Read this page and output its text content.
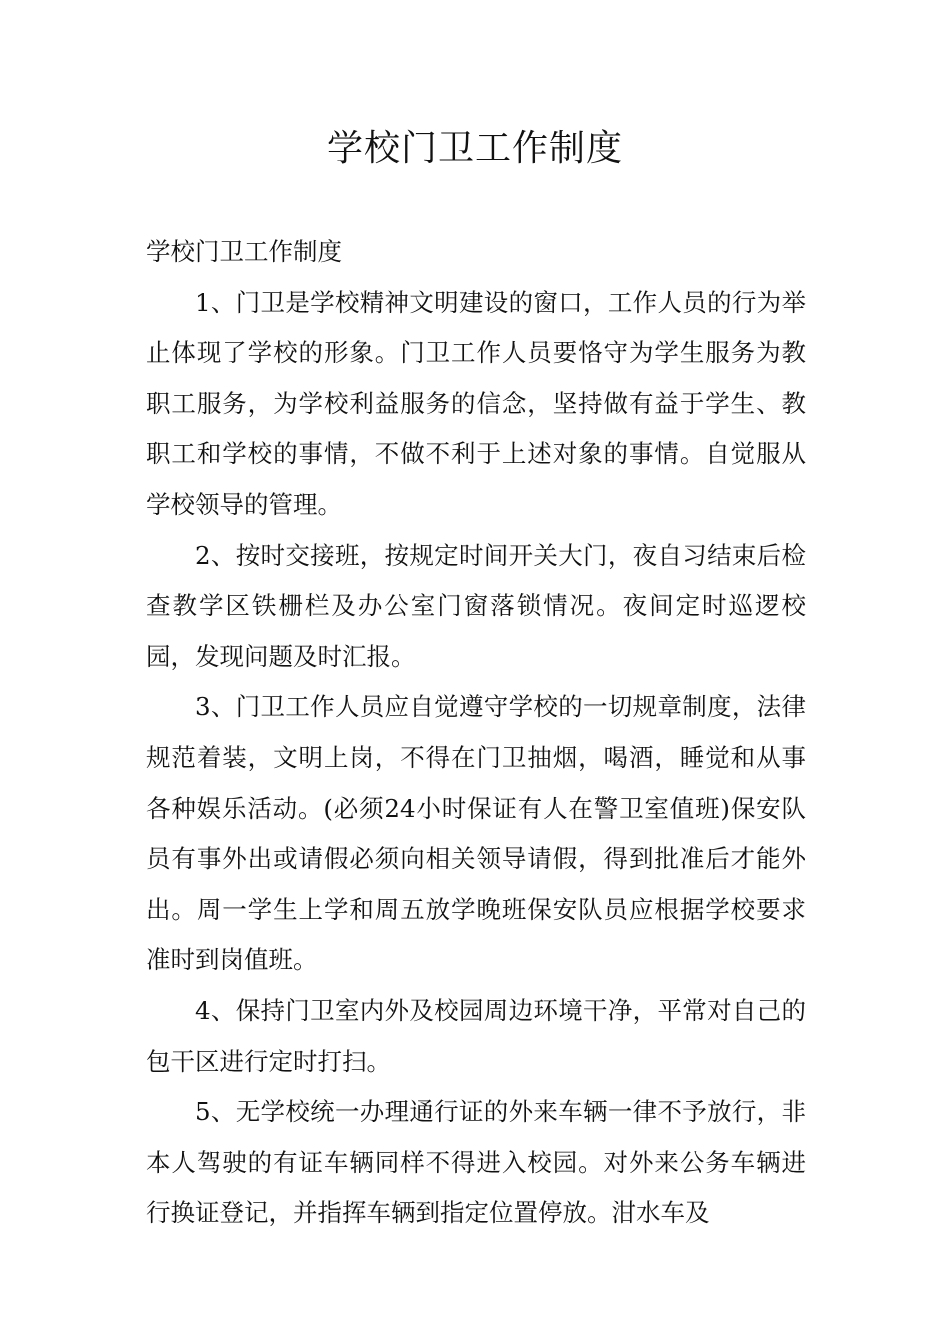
学校门卫工作制度

学校门卫工作制度

1、门卫是学校精神文明建设的窗口，工作人员的行为举止体现了学校的形象。门卫工作人员要恪守为学生服务为教职工服务，为学校利益服务的信念，坚持做有益于学生、教职工和学校的事情，不做不利于上述对象的事情。自觉服从学校领导的管理。

2、按时交接班，按规定时间开关大门，夜自习结束后检查教学区铁栅栏及办公室门窗落锁情况。夜间定时巡逻校园，发现问题及时汇报。

3、门卫工作人员应自觉遵守学校的一切规章制度，法律规范着装，文明上岗，不得在门卫抽烟，喝酒，睡觉和从事各种娱乐活动。(必须24小时保证有人在警卫室值班)保安队员有事外出或请假必须向相关领导请假，得到批准后才能外出。周一学生上学和周五放学晚班保安队员应根据学校要求准时到岗值班。

4、保持门卫室内外及校园周边环境干净，平常对自己的包干区进行定时打扫。

5、无学校统一办理通行证的外来车辆一律不予放行，非本人驾驶的有证车辆同样不得进入校园。对外来公务车辆进行换证登记，并指挥车辆到指定位置停放。泔水车及
